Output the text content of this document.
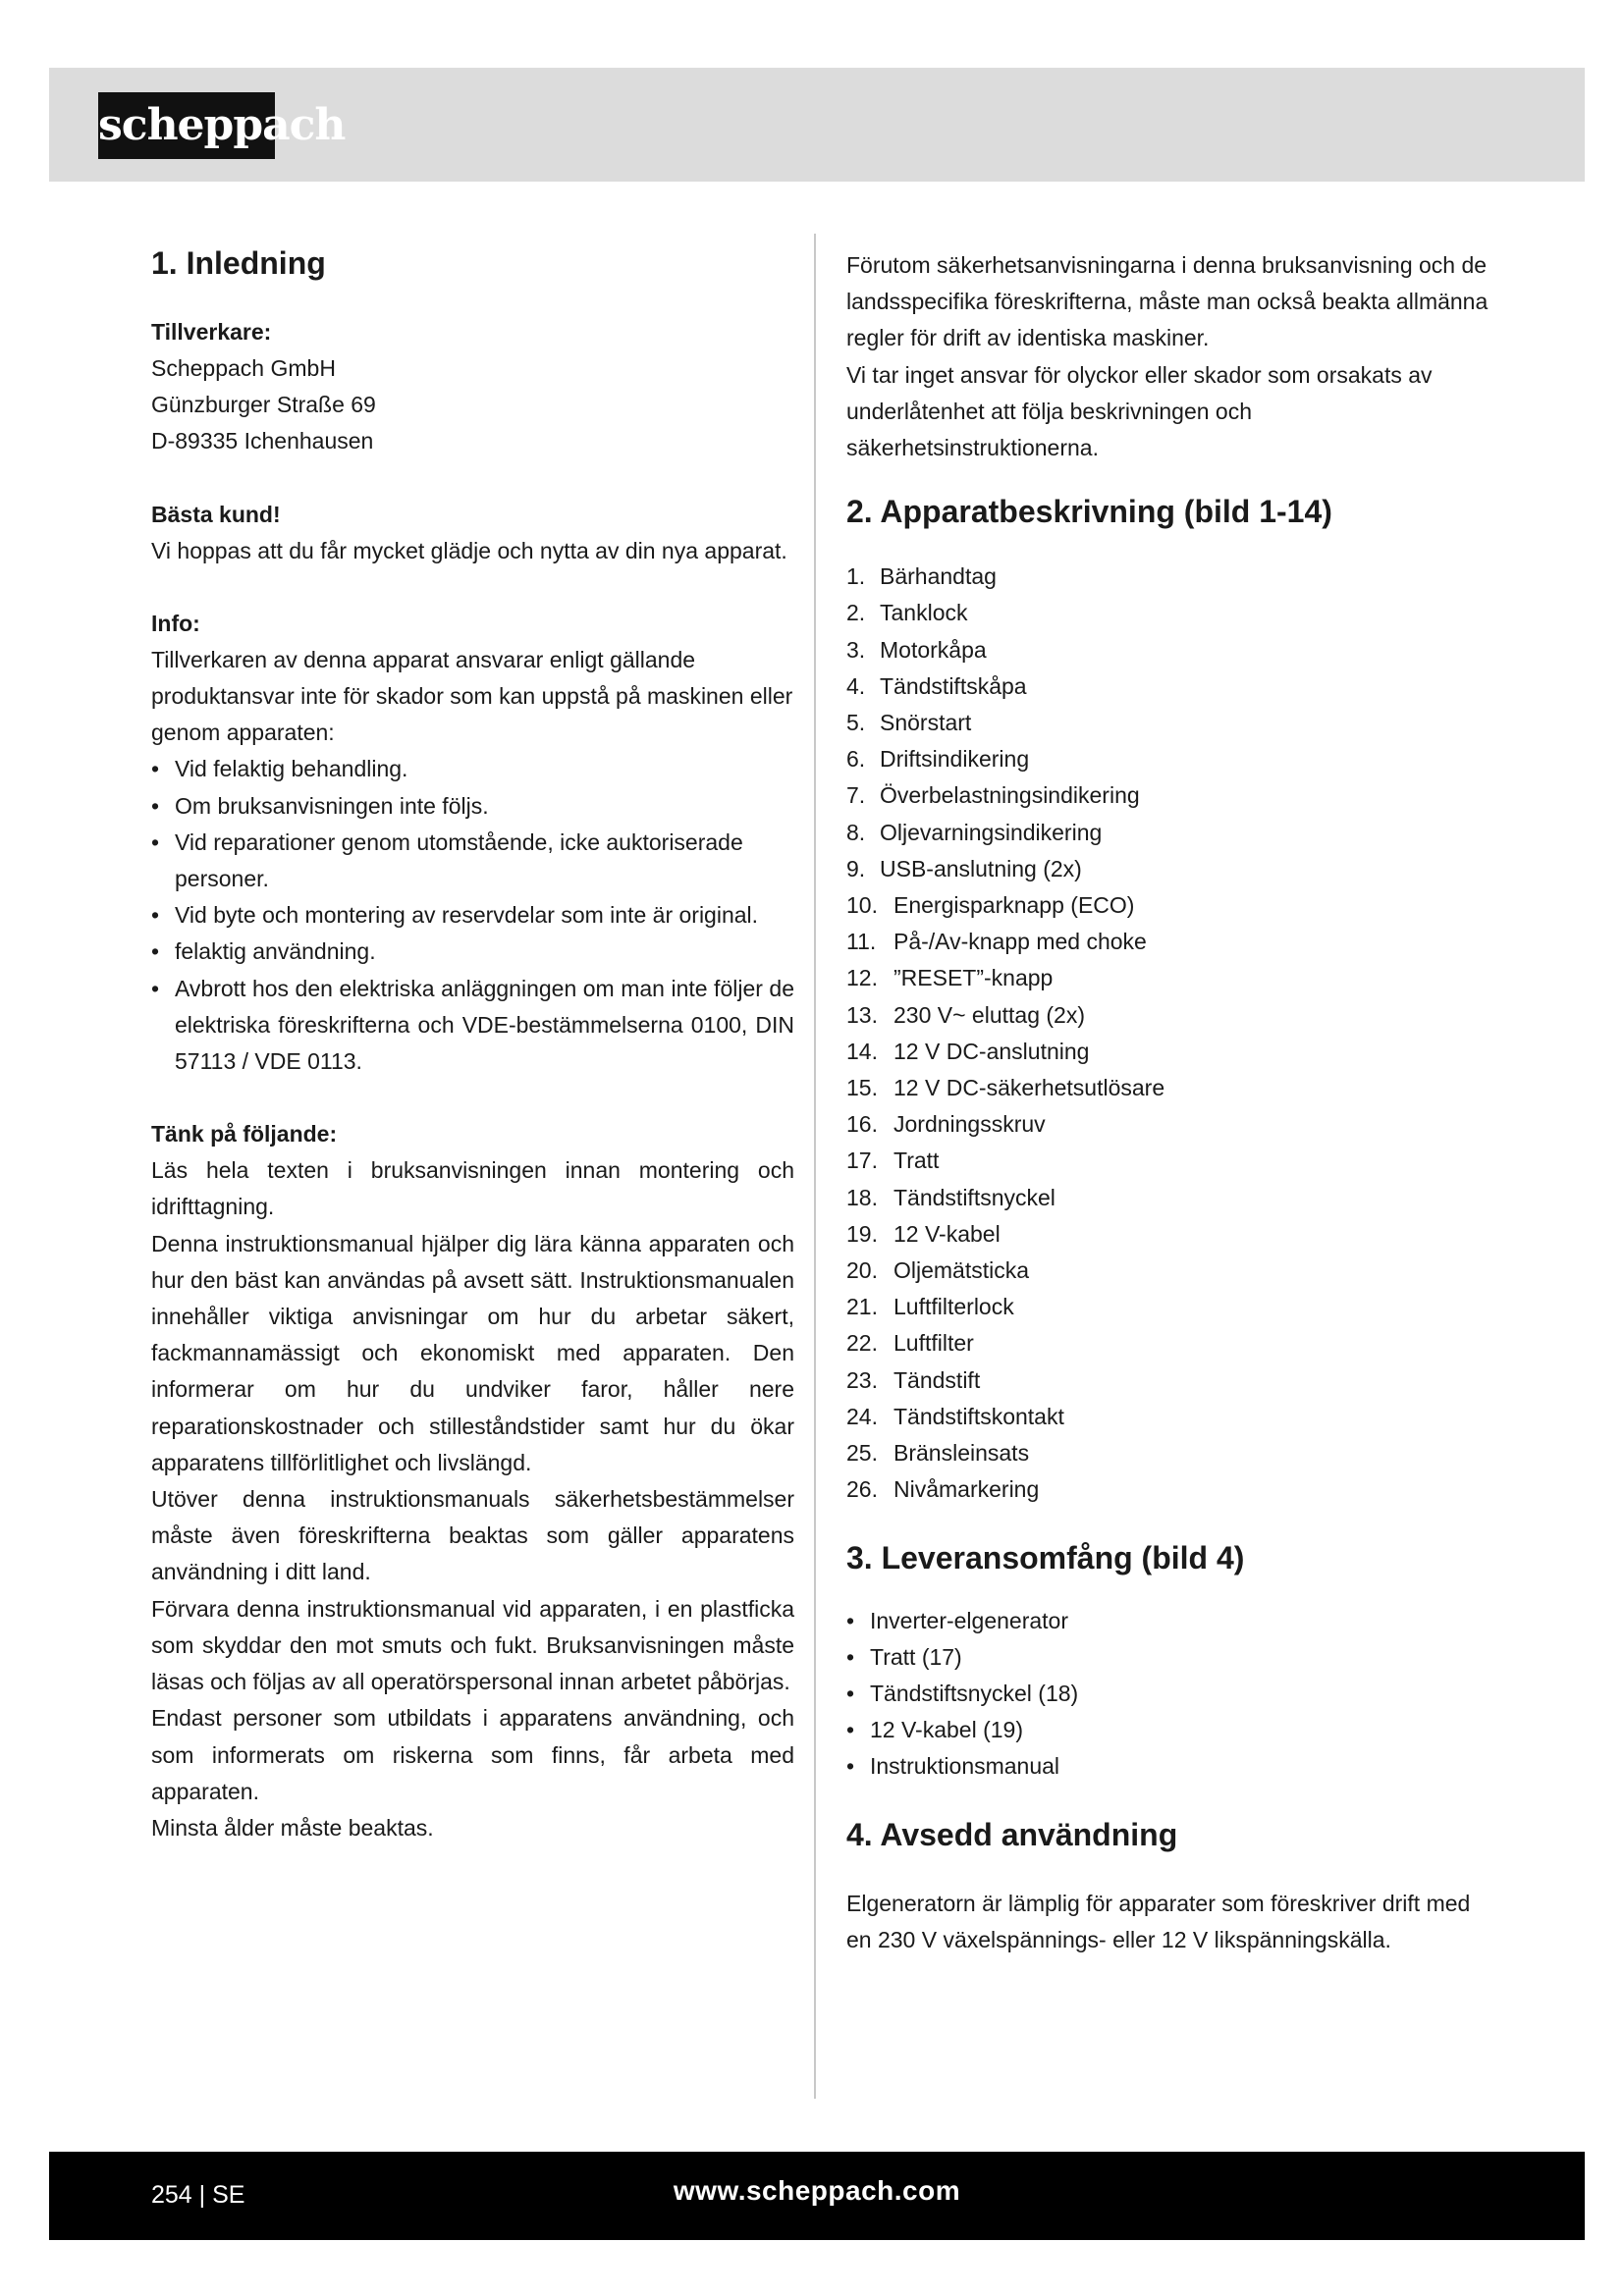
scheppach
1. Inledning
Tillverkare:

Scheppach GmbH

Günzburger Straße 69

D-89335 Ichenhausen

Bästa kund!

Vi hoppas att du får mycket glädje och nytta av din nya apparat.

Info:

Tillverkaren av denna apparat ansvarar enligt gällande produktansvar inte för skador som kan uppstå på maskinen eller genom apparaten:

• Vid felaktig behandling.
• Om bruksanvisningen inte följs.
• Vid reparationer genom utomstående, icke auktoriserade personer.
• Vid byte och montering av reservdelar som inte är original.
• felaktig användning.
• Avbrott hos den elektriska anläggningen om man inte följer de elektriska föreskrifterna och VDE-bestämmelserna 0100, DIN 57113 / VDE 0113.
Tänk på följande:

Läs hela texten i bruksanvisningen innan montering och idrifttagning.

Denna instruktionsmanual hjälper dig lära känna apparaten och hur den bäst kan användas på avsett sätt. Instruktionsmanualen innehåller viktiga anvisningar om hur du arbetar säkert, fackmannamässigt och ekonomiskt med apparaten. Den informerar om hur du undviker faror, håller nere reparationskostnader och stilleståndstider samt hur du ökar apparatens tillförlitlighet och livslängd.

Utöver denna instruktionsmanuals säkerhetsbestämmelser måste även föreskrifterna beaktas som gäller apparatens användning i ditt land.

Förvara denna instruktionsmanual vid apparaten, i en plastficka som skyddar den mot smuts och fukt. Bruksanvisningen måste läsas och följas av all operatörspersonal innan arbetet påbörjas.

Endast personer som utbildats i apparatens användning, och som informerats om riskerna som finns, får arbeta med apparaten.

Minsta ålder måste beaktas.

Förutom säkerhetsanvisningarna i denna bruksanvisning och de landsspecifika föreskrifterna, måste man också beakta allmänna regler för drift av identiska maskiner.

Vi tar inget ansvar för olyckor eller skador som orsakats av underlåtenhet att följa beskrivningen och säkerhetsinstruktionerna.

2. Apparatbeskrivning (bild 1-14)
1. Bärhandtag
2. Tanklock
3. Motorkåpa
4. Tändstiftskåpa
5. Snörstart
6. Driftsindikering
7. Överbelastningsindikering
8. Oljevarningsindikering
9. USB-anslutning (2x)
10. Energisparknapp (ECO)
11. På-/Av-knapp med choke
12. ”RESET”-knapp
13. 230 V~ eluttag (2x)
14. 12 V DC-anslutning
15. 12 V DC-säkerhetsutlösare
16. Jordningsskruv
17. Tratt
18. Tändstiftsnyckel
19. 12 V-kabel
20. Oljemätsticka
21. Luftfilterlock
22. Luftfilter
23. Tändstift
24. Tändstiftskontakt
25. Bränsleinsats
26. Nivåmarkering
3. Leveransomfång (bild 4)
• Inverter-elgenerator
• Tratt (17)
• Tändstiftsnyckel (18)
• 12 V-kabel (19)
• Instruktionsmanual
4. Avsedd användning

Elgeneratorn är lämplig för apparater som föreskriver drift med en 230 V växelspännings- eller 12 V likspänningskälla.

254 | SE	www.scheppach.com
